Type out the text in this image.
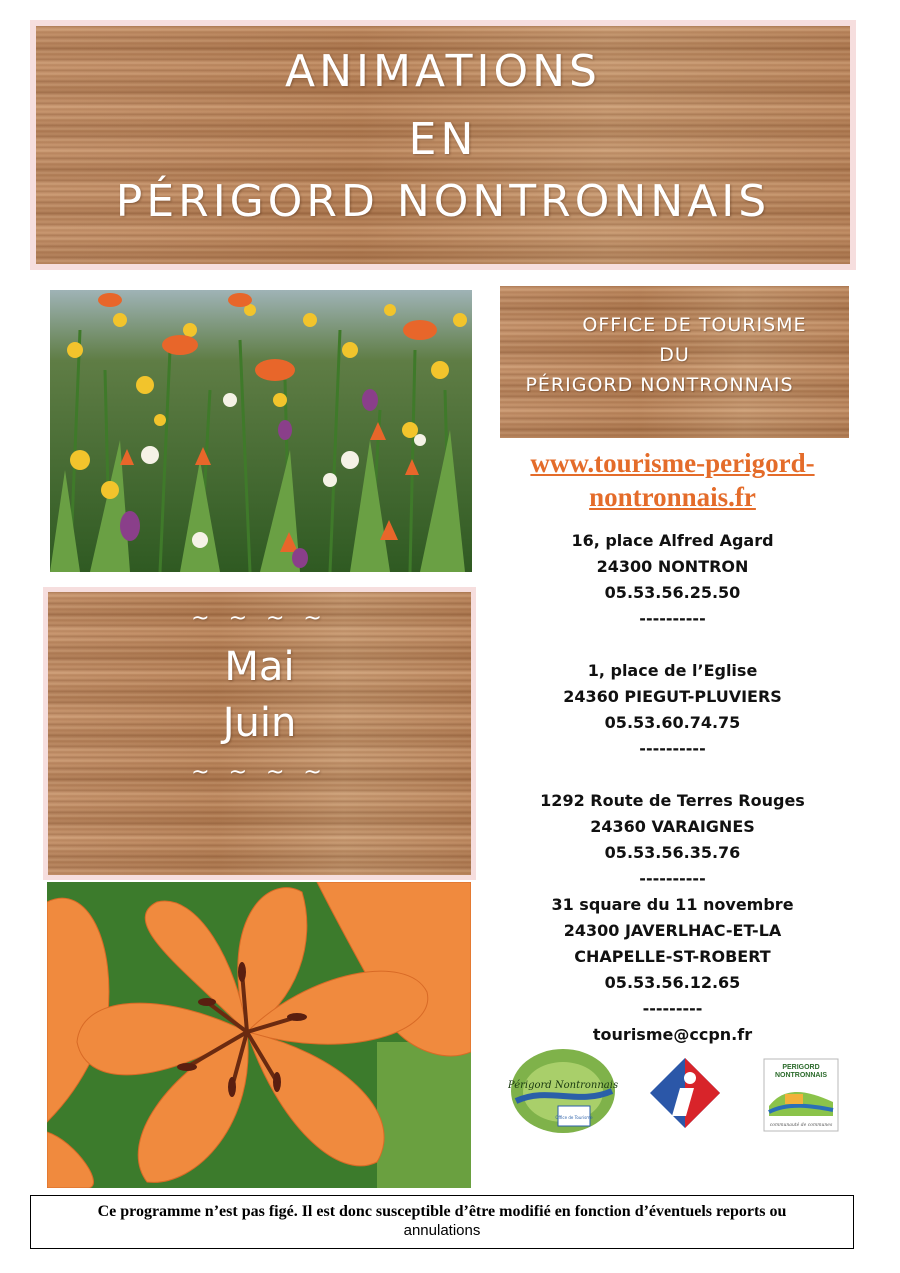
ANIMATIONS
EN
PÉRIGORD NONTRONNAIS
~ ~ ~ ~
Mai
Juin
~ ~ ~ ~
OFFICE DE TOURISME
DU
PÉRIGORD NONTRONNAIS
www.tourisme-perigord-
nontronnais.fr
16, place Alfred Agard
24300 NONTRON
05.53.56.25.50
----------
1, place de l’Eglise
24360 PIEGUT-PLUVIERS
05.53.60.74.75
----------
1292 Route de Terres Rouges
24360 VARAIGNES
05.53.56.35.76
----------
31 square du 11 novembre
24300 JAVERLHAC-ET-LA
CHAPELLE-ST-ROBERT
05.53.56.12.65
---------
tourisme@ccpn.fr
Périgord Nontronnais
Office de Tourisme
PERIGORD
NONTRONNAIS
communauté de communes
Ce programme n’est pas figé. Il est donc susceptible d’être modifié en fonction d’éventuels reports ou
annulations
